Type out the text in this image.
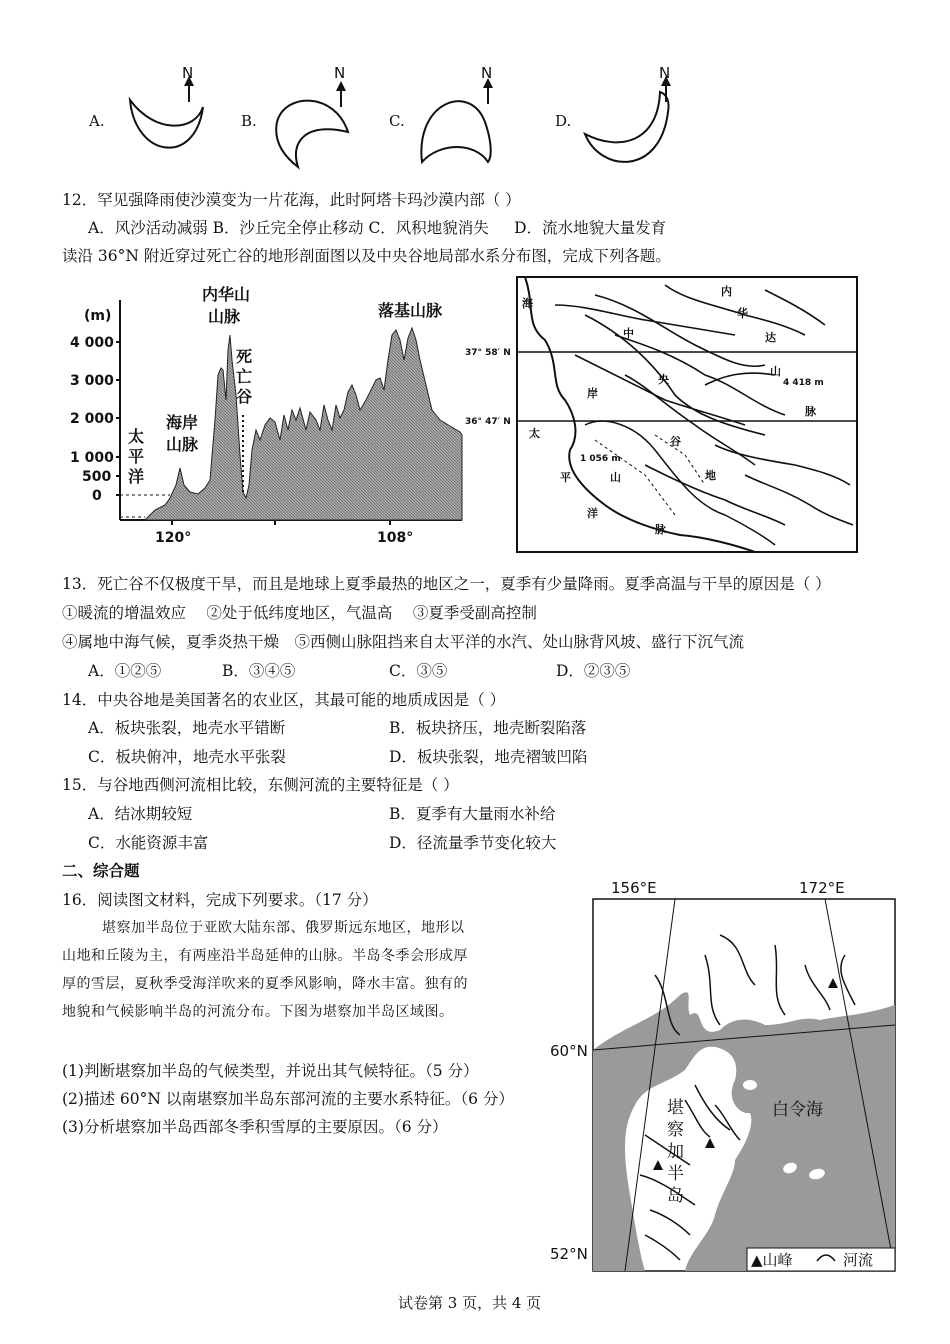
A.	B.	C.	D.
N	N	N	N
12．罕见强降雨使沙漠变为一片花海，此时阿塔卡玛沙漠内部（ ）
A．风沙活动减弱 B．沙丘完全停止移动 C．风积地貌消失 　 D．流水地貌大量发育
读沿 36°N 附近穿过死亡谷的地形剖面图以及中央谷地局部水系分布图，完成下列各题。
(m)
4 000
3 000
2 000
1 000
500
0
120°	108°
内华山
山脉	落基山脉
死
亡
谷
海岸
山脉
太
平
洋
37° 58′ N
36° 47′ N
4 418 m
1 056 m
海
岸
中
央
谷
地
内
华
达
山
脉
太
平
洋
山
脉
13．死亡谷不仅极度干旱，而且是地球上夏季最热的地区之一，夏季有少量降雨。夏季高温与干旱的原因是（ ）
①暖流的增温效应　 ②处于低纬度地区，气温高　 ③夏季受副高控制
④属地中海气候，夏季炎热干燥　⑤西侧山脉阻挡来自太平洋的水汽、处山脉背风坡、盛行下沉气流
A．①②⑤	B．③④⑤	C．③⑤	D．②③⑤
14．中央谷地是美国著名的农业区，其最可能的地质成因是（ ）
A．板块张裂，地壳水平错断	B．板块挤压，地壳断裂陷落
C．板块俯冲，地壳水平张裂	D．板块张裂，地壳褶皱凹陷
15．与谷地西侧河流相比较，东侧河流的主要特征是（ ）
A．结冰期较短	B．夏季有大量雨水补给
C．水能资源丰富	D．径流量季节变化较大
二、综合题
16．阅读图文材料，完成下列要求。（17 分）
堪察加半岛位于亚欧大陆东部、俄罗斯远东地区，地形以
山地和丘陵为主，有两座沿半岛延伸的山脉。半岛冬季会形成厚
厚的雪层，夏秋季受海洋吹来的夏季风影响，降水丰富。独有的
地貌和气候影响半岛的河流分布。下图为堪察加半岛区域图。
(1)判断堪察加半岛的气候类型，并说出其气候特征。（5 分）
(2)描述 60°N 以南堪察加半岛东部河流的主要水系特征。（6 分）
(3)分析堪察加半岛西部冬季积雪厚的主要原因。（6 分）
156°E	172°E
60°N
52°N
白令海
堪
察
加
半
岛
▲山峰	河流
试卷第 3 页，共 4 页
